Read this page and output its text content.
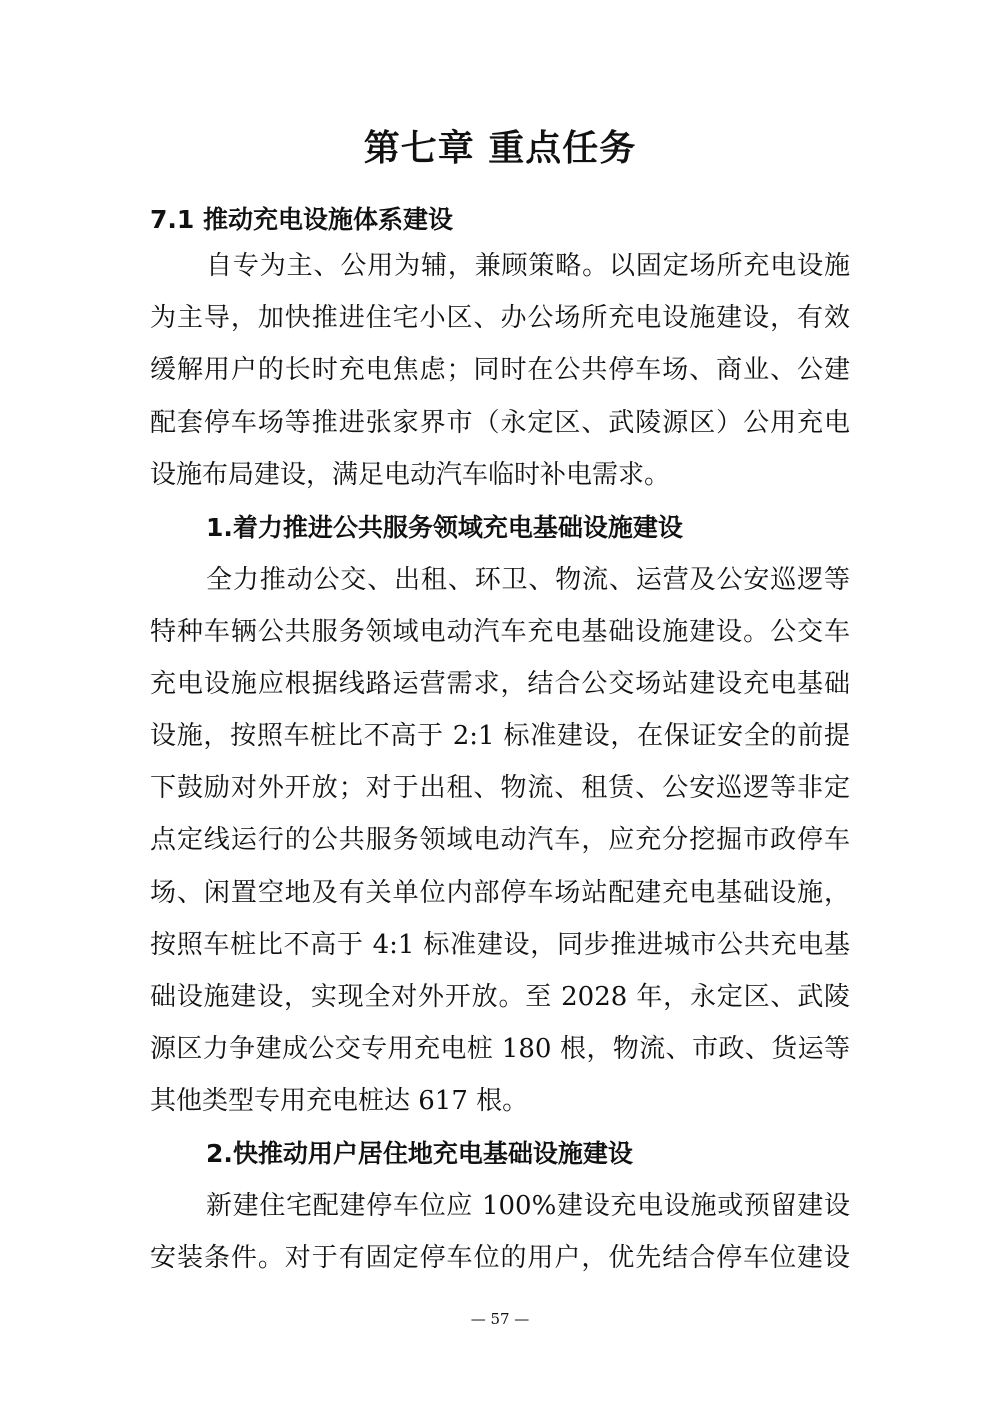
第七章 重点任务
7.1 推动充电设施体系建设
自专为主、公用为辅，兼顾策略。以固定场所充电设施
为主导，加快推进住宅小区、办公场所充电设施建设，有效
缓解用户的长时充电焦虑；同时在公共停车场、商业、公建
配套停车场等推进张家界市（永定区、武陵源区）公用充电
设施布局建设，满足电动汽车临时补电需求。
1.着力推进公共服务领域充电基础设施建设
全力推动公交、出租、环卫、物流、运营及公安巡逻等
特种车辆公共服务领域电动汽车充电基础设施建设。公交车
充电设施应根据线路运营需求，结合公交场站建设充电基础
设施，按照车桩比不高于 2:1 标准建设，在保证安全的前提
下鼓励对外开放；对于出租、物流、租赁、公安巡逻等非定
点定线运行的公共服务领域电动汽车，应充分挖掘市政停车
场、闲置空地及有关单位内部停车场站配建充电基础设施，
按照车桩比不高于 4:1 标准建设，同步推进城市公共充电基
础设施建设，实现全对外开放。至 2028 年，永定区、武陵
源区力争建成公交专用充电桩 180 根，物流、市政、货运等
其他类型专用充电桩达 617 根。
2.快推动用户居住地充电基础设施建设
新建住宅配建停车位应 100%建设充电设施或预留建设
安装条件。对于有固定停车位的用户，优先结合停车位建设
— 57 —
